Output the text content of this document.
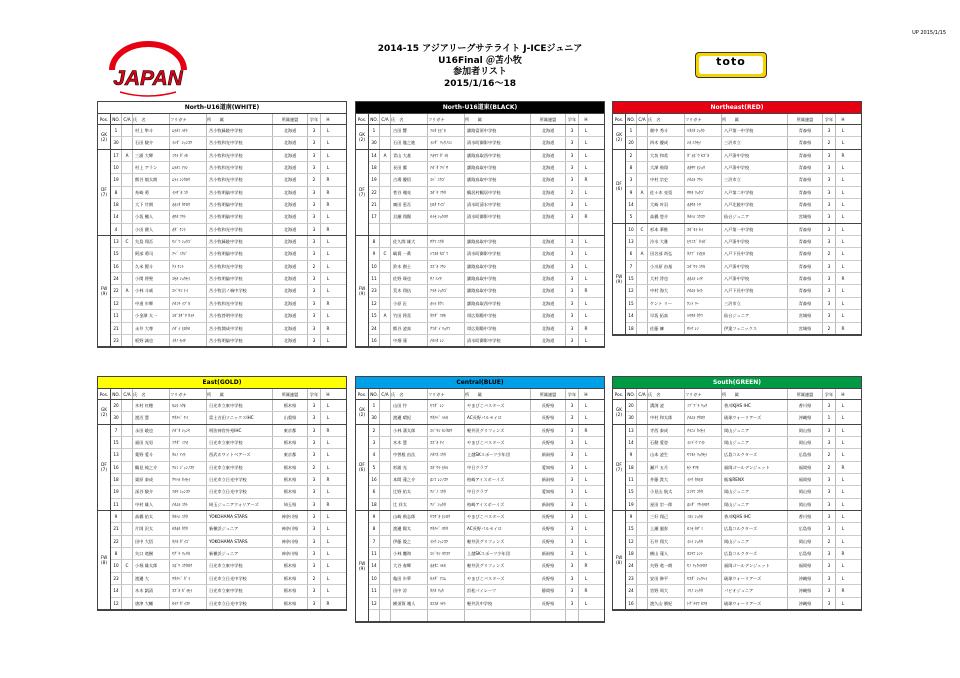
UP 2015/1/15
JAPAN
toto
2014-15 アジアリーグサテライト J-ICEジュニア
U16Final ＠苫小牧
参加者リスト
2015/1/16～18
North-U16道南(WHITE)
Pos. NO. C/A 氏　名	フリガナ	所　　属	所属連盟	学年	H
GK
(2)
DF
(7)
FW
(9)
1	村上 隼斗	ﾑﾗｶﾐ ﾊﾔﾄ	苫小牧緑陵中学校	北海道	3	L
30	石田 駿介	ｲｼﾀﾞ ｼｭﾝｽｹ	苫小牧和光中学校	北海道	3	L
17	A	三浦 大輝	ﾐｳﾗ ﾀﾞｲｷ	苫小牧和光中学校	北海道	3	L
10	村上 アラン	ﾑﾗｶﾐ ｱﾗﾝ	苫小牧和光中学校	北海道	3	L
19	熊谷 慎太朗	ﾑﾗｲ ｼﾝﾀﾛｳ	苫小牧和光中学校	北海道	2	R
8	糸崎 勇	ｲﾄｻﾞｷ ﾕｳ	苫小牧明倫中学校	北海道	3	R
18	大下 竹朗	ｵｵｼﾀ ﾀｹﾛｳ	苫小牧明倫中学校	北海道	3	R
14	小坂 楓人	ｵｻｶ ﾌｳﾄ	苫小牧明倫中学校	北海道	3	L
4	小田 健人	ｵﾀﾞ ｹﾝﾄ	苫小牧和光中学校	北海道	3	R
13	C	矢島 翔吾	ﾔｼﾞﾏ ｼｮｳｺﾞ	苫小牧緑陵中学校	北海道	3	L
15	阿部 勇司	ｱﾍﾞ ﾕｳｼﾞ	苫小牧明倫中学校	北海道	3	L
16	久米 賢斗	ｸﾒ ｹﾝﾄ	苫小牧和光中学校	北海道	2	L
24	小関 将聖	ｺｾｷ ｼｮｳｾｲ	苫小牧明倫中学校	北海道	3	L
22	A	小林 斗威	ｺﾊﾞﾔｼ ﾄｲ	苫小牧沼ノ端中学校	北海道	3	L
12	中道 歩輝	ﾅｶﾐﾁ ｲﾌﾞｷ	苫小牧和光中学校	北海道	3	R
11	小金澤 太一	ｺｶﾞﾈｻﾞﾜ ﾀｲﾁ	苫小牧啓明中学校	北海道	3	L
21	永井 大尊	ﾅｶﾞｲ ﾋﾛﾀｶ	苫小牧開成中学校	北海道	3	R
23	板野 誠也	ｲﾀﾉ ｾｲﾔ	苫小牧明倫中学校	北海道	3	L
North-U16道東(BLACK)
Pos. NO. C/A 氏　名	フリガナ	所　　属	所属連盟	学年	H
GK
(2)
DF
(7)
FW
(9)
1	古田 響	ﾌﾙﾀ ﾋﾋﾞｷ	釧路富原中学校	北海道	3	L
30	石田 龍之進	ｲｼﾀﾞ ﾘｭｳﾉｼﾝ	清水町御影中学校	北海道	3	L
14	A	青山 大基	ｱｵﾔﾏ ﾀﾞｲｷ	釧路鳥取西中学校	北海道	3	L
18	長田 翼	ﾅｶﾞﾀ ﾂﾊﾞｻ	釧路鳥取中学校	北海道	3	L
19	古場 優悟	ｺﾊﾞ ﾕｳｺﾞ	釧路鳥取中学校	北海道	3	R
22	菅谷 颯亮	ｽｶﾞﾔ ｿｳﾀ	鶴居村鶴居中学校	北海道	2	L
21	廣田 恵吾	ﾋﾛﾀ ｹｲｺﾞ	清水町清水中学校	北海道	3	L
17	貝瀬 翔陽	ｶｲｾ ｼｮｳﾖｳ	清水町御影中学校	北海道	3	R
8	佐久間 雄大	ｻｸﾏ ﾕｳﾀ	釧路鳥取中学校	北海道	3	L
9	C	嶋貫 一眞	ｼﾏﾇｷ ｶｽﾞﾏ	清水町御影中学校	北海道	3	L
10	鈴木 創士	ｽｽﾞｷ ｿｳｼ	釧路鳥取中学校	北海道	3	L
11	佐野 瑛也	ｻﾉ ｴｲﾔ	釧路鳥取中学校	北海道	3	L
23	荒木 翔伍	ｱﾗｷ ｼｮｳｺﾞ	釧路鳥取中学校	北海道	3	R
12	小原 匠	ｵﾊﾗ ﾀｸﾐ	釧路鳥取西中学校	北海道	3	L
15	A	竹田 将喜	ﾀｹﾀﾞ ﾏｻｷ	帯広翔陽中学校	北海道	3	L
24	熊谷 凌真	ｸﾏｶﾞｲ ﾘｮｳﾏ	帯広翔陽中学校	北海道	3	R
16	中畑 蓮	ﾅｶﾊﾀ ﾚﾝ	清水町御影中学校	北海道	3	L
Northeast(RED)
Pos. NO. C/A 氏　名	フリガナ	所　　属	所属連盟	学年	H
GK
(2)
DF
(6)
FW
(9)
1	畑中 秀斗	ﾊﾀﾅｶ ｼｭｳﾄ	八戸第一中学校	青森県	3	L
20	四木 優成	ｼｷ ﾕｳｾｲ	三沢市立	青森県	2	L
2	大坊 和希	ﾀﾞｲﾎﾞｳ ｶｽﾞｷ	八戸湊中学校	青森県	3	R
8	大澤 飛翔	ｵｵｻﾜ ﾋｼｮｳ	八戸湊中学校	青森県	3	L
3	中村 宗史	ﾅｶﾑﾗ ｿｳｼ	三沢市立	青森県	3	L
9	A	佐々木 亮悟	ｻｻｷ ﾘｮｳｺﾞ	八戸第二中学校	青森県	3	L
14	大崎 叶羽	ｵｵｻｷ ﾄﾜ	八戸北陵中学校	青森県	3	L
5	高橋 悠介	ﾀｶﾊｼ ﾕｳｽｹ	仙台ジュニア	宮城県	3	L
10	C	杉本 華惟	ｽｷﾞﾓﾄ ｶｲ	八戸第一中学校	青森県	3	L
13	冷水 大雅	ﾋﾔﾐｽﾞ ﾀｲｶﾞ	八戸湊中学校	青森県	3	L
6	A	田名部 尚弘	ﾀﾅﾌﾞ ﾅｵﾋﾛ	八戸下長中学校	青森県	2	L
7	小川原 由基	ｺｶﾞﾜﾗ ﾕｳｷ	八戸湊中学校	青森県	3	L
15	大村 澪也	ｵｵﾑﾗ ﾚｲﾔ	八戸湊中学校	青森県	3	R
12	中村 海大	ﾅｶﾑﾗ ｶｲﾄ	八戸下長中学校	青森県	3	L
15	ケント リー	ｹﾝﾄ ﾘｰ	三沢市立	青森県	3	L
14	早坂 拓真	ﾊﾔｻｶ ﾀｸﾏ	仙台ジュニア	宮城県	3	L
18	佐藤 練	ｻﾄｳ ﾚﾝ	伊達フェニックス	宮城県	2	R
East(GOLD)
Pos. NO. C/A 氏　名	フリガナ	所　　属	所属連盟	学年	H
GK
(2)
DF
(7)
FW
(8)
20	木村 紅穂	ｷﾑﾗ ﾊｸﾎ	日光市立東中学校	栃木県	3	L
30	渡辺 慧	ﾜﾀﾅﾍﾞ ｹｲ	富士吉田ソニックスIHC	山梨県	3	L
7	永田 峻也	ﾅｶﾞﾀ ｼｭﾝﾔ	明治神宮外苑IHC	東京都	3	R
15	福田 光男	ﾌｸﾀﾞ ﾐﾂｵ	日光市立東中学校	栃木県	3	L
13	薬野 愛斗	ﾀﾙﾉ ｱｲﾄ	西武ホワイトベアーズ	東京都	3	L
16	鶴見 純之介	ﾂﾙﾐ ｼﾞｭﾝﾉｽｹ	日光市立東中学校	栃木県	2	L
18	栗原 泰成	ｸﾘﾊﾗ ﾀｲｾｲ	日光市立日光中学校	栃木県	3	R
19	深谷 駿介	ﾌｶﾔ ｼｭﾝｽｹ	日光市立日光中学校	栃木県	3	L
11	中村 雄人	ﾅｶﾑﾗ ﾕｳﾄ	埼玉ジュニアウォリアーズ	埼玉県	3	R
9	高橋 佑太	ﾀｶﾊｼ ﾕｳﾀ	YOKOHAMA STARS	神奈川県	3	L
21	片岡 沢太	ｶﾀｵｶ ﾀｸﾀ	新横浜ジュニア	神奈川県	3	L
22	田中 大悟	ﾀﾅｶ ﾀﾞｲｺﾞ	YOKOHAMA STARS	神奈川県	3	L
8	矢口 竜樹	ﾔｸﾞﾁ ﾘｭｳｷ	新横浜ジュニア	神奈川県	3	L
10	C	小堀 雄太郎	ｺﾎﾞﾘ ﾕｳﾀﾛｳ	日光市立東中学校	栃木県	3	L
23	渡邊 大	ﾜﾀﾅﾍﾞ ﾀﾞｲ	日光市立日光中学校	栃木県	2	L
14	木木 凱清	ｽｽﾞｷ ｶﾞｲｾｲ	日光市立東中学校	栃木県	3	L
12	唐津 大輔	ｶﾗﾂ ﾀﾞｲｽｹ	日光市立日光中学校	栃木県	3	R
Central(BLUE)
Pos. NO. C/A 氏　名	フリガナ	所　　属	所属連盟	学年	H
GK
(2)
DF
(6)
FW
(9)
1	山田 怜	ﾔﾏﾀﾞ ﾚﾝ	やまびこバスターズ	長野県	3	L
30	渡邊 晴紀	ﾜﾀﾅﾍﾞ ﾊﾙｷ	AC長野パルセイロ	長野県	3	L
2	小林 蒲太郎	ｺﾊﾞﾔｼ ｶﾝﾀﾛｳ	軽井沢グリフィンズ	長野県	3	R
3	木木 慧	ｽｽﾞｷ ｹｲ	やまびこバスターズ	長野県	3	L
4	中曽根 由汰	ﾅｶｿﾈ ﾕｳﾀ	上越SKスポーツ少年団	新潟県	3	L
5	杉浦 光	ｽｷﾞｳﾗ ﾋｶﾙ	中日クラブ	愛知県	3	L
16	本間 蓮之介	ﾎﾝﾏ ﾚﾝﾉｽｹ	柏崎アイスボーイズ	新潟県	3	L
6	辻野 佑太	ﾂｼﾞﾉ ﾕｳﾀ	中日クラブ	愛知県	3	L
18	辻 祥太	ﾂｼﾞ ｼｮｳﾀ	柏崎アイスボーイズ	新潟県	3	L
9	山崎 飛志郎	ﾔﾏｻﾞｷ ﾋｼﾛｳ	やまびこバスターズ	長野県	3	L
8	渡邊 陽太	ﾜﾀﾅﾍﾞ ﾖｳﾀ	AC長野パルセイロ	長野県	3	L
7	伊藤 俊之	ｲﾄｳ ｼｭﾝｽｹ	軽井沢グリフィンズ	長野県	3	L
11	小林 鷹和	ｺﾊﾞﾔｼ ﾖｳｽｹ	上越SKスポーツ少年団	新潟県	3	L
14	大谷 春輝	ｵｵﾀﾆ ﾊﾙｷ	軽井沢グリフィンズ	長野県	3	R
10	亀田 歩夢	ｶﾒﾀﾞ ｱﾕﾑ	やまびこバスターズ	長野県	3	L
11	田中 涼	ﾀﾅｶ ﾘｮｳ	浜松パイレーツ	静岡県	3	R
12	横須賀 颯人	ﾖｺｽｶ ﾊﾔﾄ	軽井沢中学校	長野県	3	L
South(GREEN)
Pos. NO. C/A 氏　名	フリガナ	所　　属	所属連盟	学年	H
GK
(2)
DF
(7)
FW
(8)
20	溝渕 凌	ﾐｿﾞﾌﾞﾁ ﾘｮｳ	香川KJHS IHC	香川県	3	L
30	中村 和太郎	ﾅｶﾑﾗ ﾜﾀﾛｳ	琉球ウォーリアーズ	沖縄県	1	L
13	寺西 泰成	ﾃﾗﾆｼ ﾀｲｾｲ	岡山ジュニア	岡山県	3	L
14	石動 愛登	ｲｼﾄﾞｳ ｱｲﾄ	岡山ジュニア	岡山県	3	L
9	山本 凌生	ﾔﾏﾓﾄ ﾘｮｳｾｲ	広島コルクターズ	広島県	2	L
18	瀬戸 五月	ｾﾄ ｻﾂｷ	福岡ゴールデンジェット	福岡県	2	R
11	井藤 貴大	ｲﾄｳ ﾀｶﾋﾛ	飯塚RENX	福岡県	3	L
15	小見山 航太	ｺﾐﾔﾏ ｺｳﾀ	岡山ジュニア	岡山県	3	L
19	星田 宗一郎	ﾎｼﾀﾞ ｿｳｲﾁﾛｳ	岡山ジュニア	岡山県	3	L
9	三好 翔己	ﾐﾖｼ ｼｮｳｷ	香川KJHS IHC	香川県	3	L
15	上瀬 風弥	ｶﾐｾ ｶｻﾞﾐ	広島コルクターズ	広島県	3	L
12	石井 翔大	ｲｼｲ ｼｮｳﾀ	岡山ジュニア	岡山県	2	L
18	横山 蓮人	ﾖｺﾔﾏ ﾚﾝﾄ	広島コルクターズ	広島県	3	R
24	矢野 竜一朗	ﾔﾉ ﾘｭｳｲﾁﾛｳ	福岡ゴールデンジェット	福岡県	3	L
23	安田 修平	ﾔｽﾀﾞ ｼｭｳﾍｲ	琉球ウォーリアーズ	沖縄県	3	L
24	宮野 周大	ﾐﾔﾉ ｼｭｳﾀ	パピオジュニア	沖縄県	3	R
16	渡久山 勝紀	ﾄｸﾞﾁﾔﾏ ｶﾂｷ	琉球ウォーリアーズ	沖縄県	3	L
